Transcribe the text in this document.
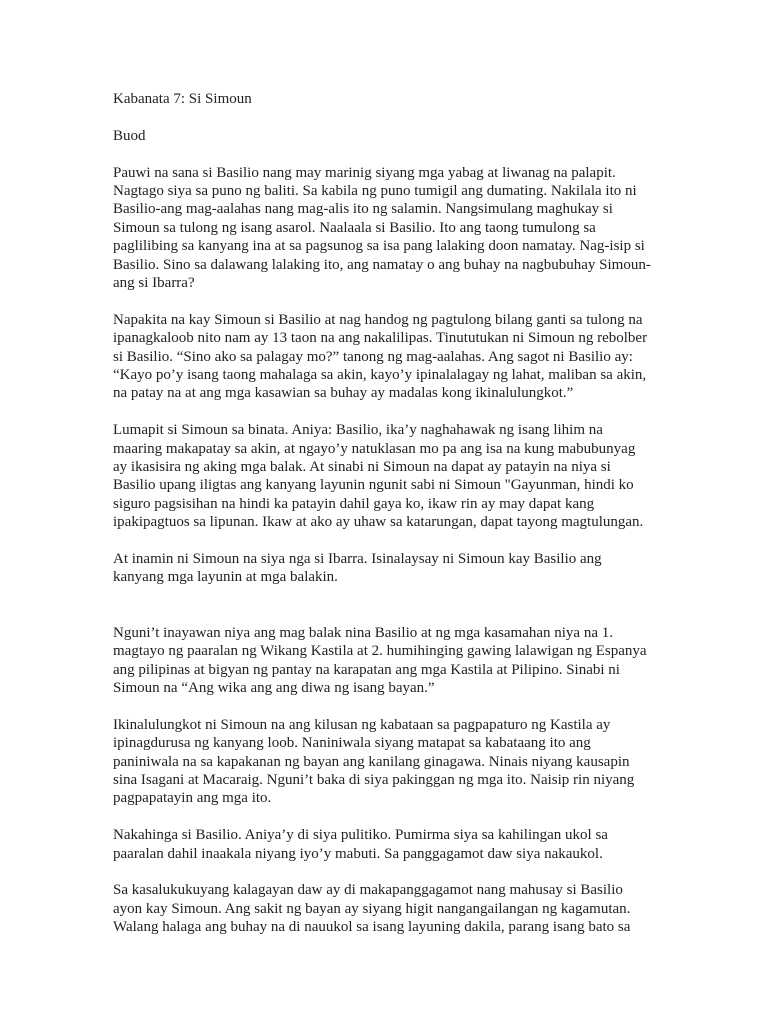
Kabanata 7: Si Simoun

Buod

Pauwi na sana si Basilio nang may marinig siyang mga yabag at liwanag na palapit.
Nagtago siya sa puno ng baliti. Sa kabila ng puno tumigil ang dumating. Nakilala ito ni
Basilio-ang mag-aalahas nang mag-alis ito ng salamin. Nangsimulang maghukay si
Simoun sa tulong ng isang asarol. Naalaala si Basilio. Ito ang taong tumulong sa
paglilibing sa kanyang ina at sa pagsunog sa isa pang lalaking doon namatay. Nag-isip si
Basilio. Sino sa dalawang lalaking ito, ang namatay o ang buhay na nagbubuhay Simoun-
ang si Ibarra?

Napakita na kay Simoun si Basilio at nag handog ng pagtulong bilang ganti sa tulong na
ipanagkaloob nito nam ay 13 taon na ang nakalilipas. Tinututukan ni Simoun ng rebolber
si Basilio. “Sino ako sa palagay mo?” tanong ng mag-aalahas. Ang sagot ni Basilio ay:
“Kayo po’y isang taong mahalaga sa akin, kayo’y ipinalalagay ng lahat, maliban sa akin,
na patay na at ang mga kasawian sa buhay ay madalas kong ikinalulungkot.”

Lumapit si Simoun sa binata. Aniya: Basilio, ika’y naghahawak ng isang lihim na
maaring makapatay sa akin, at ngayo’y natuklasan mo pa ang isa na kung mabubunyag
ay ikasisira ng aking mga balak. At sinabi ni Simoun na dapat ay patayin na niya si
Basilio upang iligtas ang kanyang layunin ngunit sabi ni Simoun "Gayunman, hindi ko
siguro pagsisihan na hindi ka patayin dahil gaya ko, ikaw rin ay may dapat kang
ipakipagtuos sa lipunan. Ikaw at ako ay uhaw sa katarungan, dapat tayong magtulungan.

At inamin ni Simoun na siya nga si Ibarra. Isinalaysay ni Simoun kay Basilio ang
kanyang mga layunin at mga balakin.

Nguni’t inayawan niya ang mag balak nina Basilio at ng mga kasamahan niya na 1.
magtayo ng paaralan ng Wikang Kastila at 2. humihinging gawing lalawigan ng Espanya
ang pilipinas at bigyan ng pantay na karapatan ang mga Kastila at Pilipino. Sinabi ni
Simoun na “Ang wika ang ang diwa ng isang bayan.”

Ikinalulungkot ni Simoun na ang kilusan ng kabataan sa pagpapaturo ng Kastila ay
ipinagdurusa ng kanyang loob. Naniniwala siyang matapat sa kabataang ito ang
paniniwala na sa kapakanan ng bayan ang kanilang ginagawa. Ninais niyang kausapin
sina Isagani at Macaraig. Nguni’t baka di siya pakinggan ng mga ito. Naisip rin niyang
pagpapatayin ang mga ito.

Nakahinga si Basilio. Aniya’y di siya pulitiko. Pumirma siya sa kahilingan ukol sa
paaralan dahil inaakala niyang iyo’y mabuti. Sa panggagamot daw siya nakaukol.

Sa kasalukukuyang kalagayan daw ay di makapanggagamot nang mahusay si Basilio
ayon kay Simoun. Ang sakit ng bayan ay siyang higit nangangailangan ng kagamutan.
Walang halaga ang buhay na di nauukol sa isang layuning dakila, parang isang bato sa
